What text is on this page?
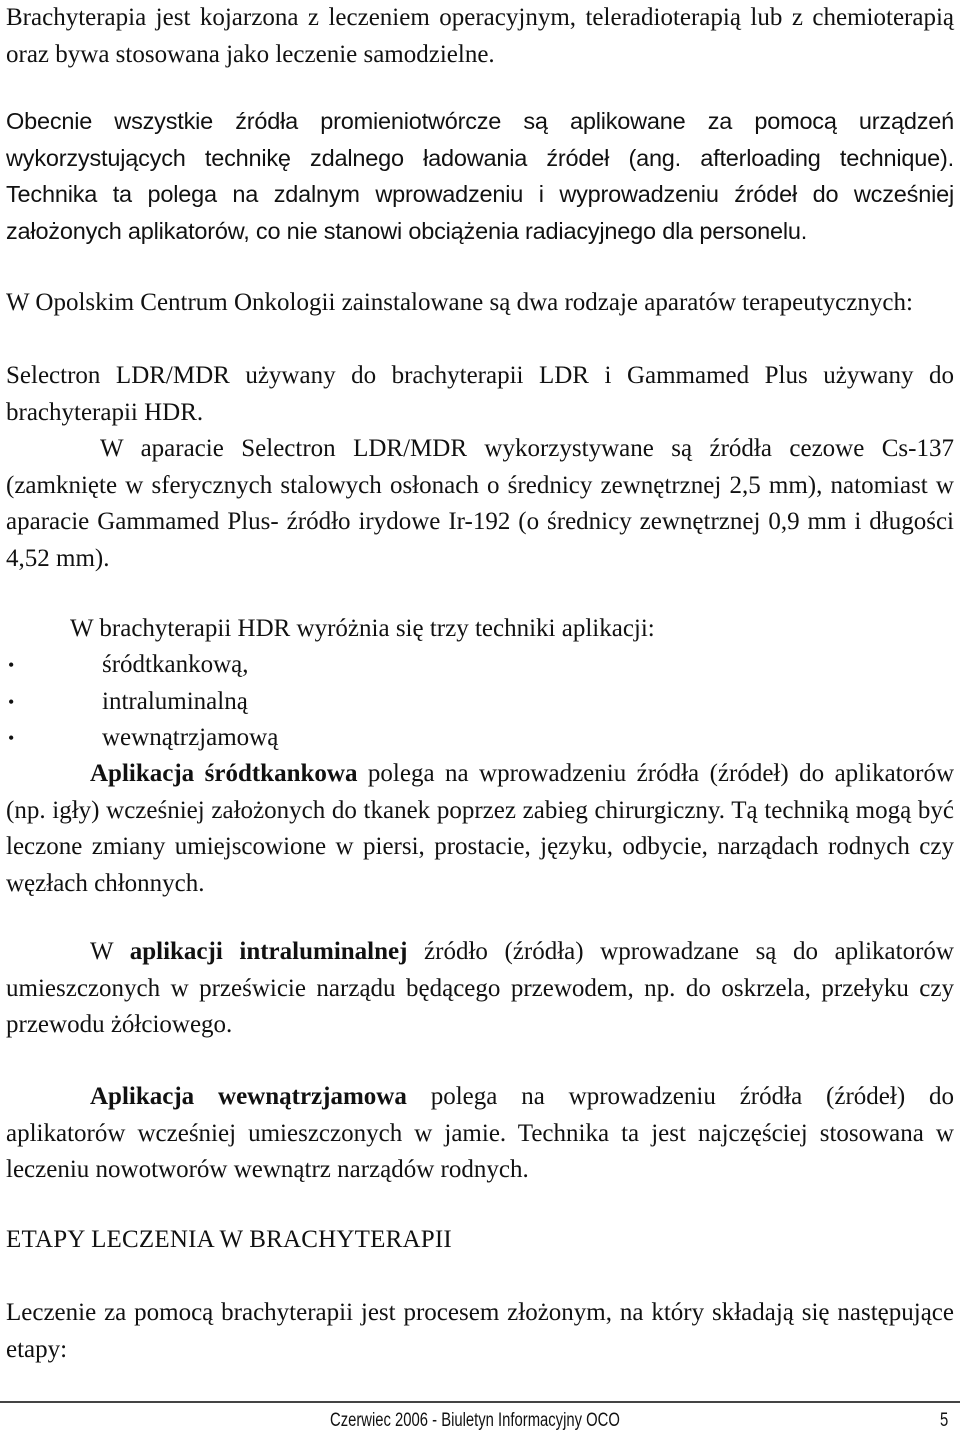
Brachyterapia jest kojarzona z leczeniem operacyjnym, teleradioterapią lub z chemioterapią oraz bywa stosowana jako leczenie samodzielne.

Obecnie wszystkie źródła promieniotwórcze są aplikowane za pomocą urządzeń wykorzystujących technikę zdalnego ładowania źródeł (ang. afterloading technique). Technika ta polega na zdalnym wprowadzeniu i wyprowadzeniu źródeł do wcześniej założonych aplikatorów, co nie stanowi obciążenia radiacyjnego dla personelu.

W Opolskim Centrum Onkologii zainstalowane są dwa rodzaje aparatów terapeutycznych:

Selectron LDR/MDR używany do brachyterapii LDR i Gammamed Plus używany do brachyterapii HDR.

W aparacie Selectron LDR/MDR wykorzystywane są źródła cezowe Cs-137 (zamknięte w sferycznych stalowych osłonach o średnicy zewnętrznej 2,5 mm), natomiast w aparacie Gammamed Plus- źródło irydowe Ir-192 (o średnicy zewnętrznej 0,9 mm i długości 4,52 mm).

W brachyterapii HDR wyróżnia się trzy techniki aplikacji:

•	śródtkankową,
•	intraluminalną
•	wewnątrzjamową

Aplikacja śródtkankowa polega na wprowadzeniu źródła (źródeł) do aplikatorów (np. igły) wcześniej założonych do tkanek poprzez zabieg chirurgiczny. Tą techniką mogą być leczone zmiany umiejscowione w piersi, prostacie, języku, odbycie, narządach rodnych czy węzłach chłonnych.

W aplikacji intraluminalnej źródło (źródła) wprowadzane są do aplikatorów umieszczonych w prześwicie narządu będącego przewodem, np. do oskrzela, przełyku czy przewodu żółciowego.

Aplikacja wewnątrzjamowa polega na wprowadzeniu źródła (źródeł) do aplikatorów wcześniej umieszczonych w jamie. Technika ta jest najczęściej stosowana w leczeniu nowotworów wewnątrz narządów rodnych.

ETAPY LECZENIA W BRACHYTERAPII

Leczenie za pomocą brachyterapii jest procesem złożonym, na który składają się następujące etapy:

Czerwiec 2006 - Biuletyn Informacyjny OCO	5
